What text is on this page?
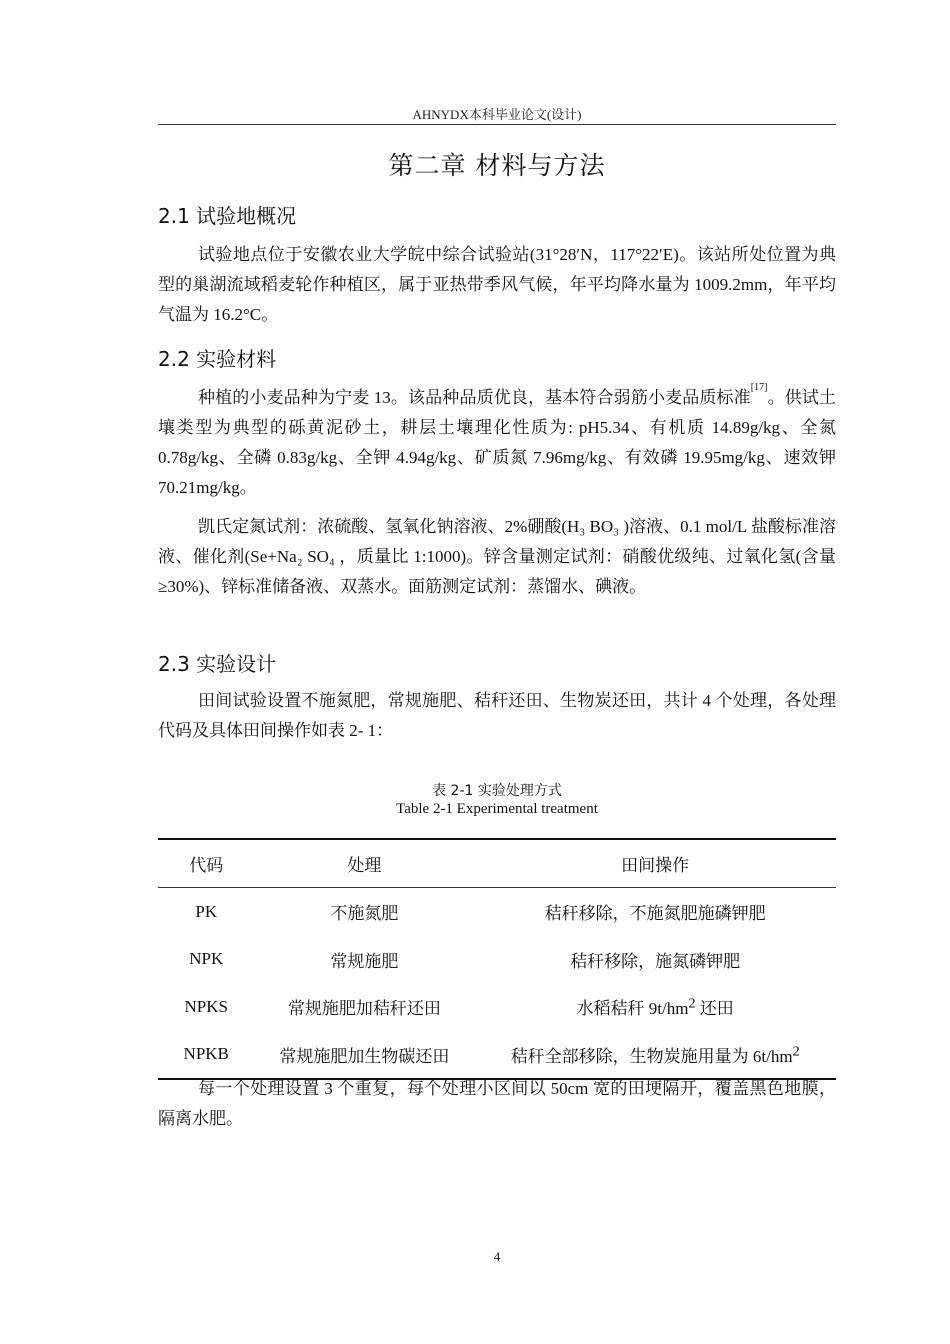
AHNYDX本科毕业论文(设计)
第二章 材料与方法
2.1 试验地概况
试验地点位于安徽农业大学皖中综合试验站(31°28′N，117°22′E)。该站所处位置为典型的巢湖流域稻麦轮作种植区，属于亚热带季风气候，年平均降水量为 1009.2mm，年平均气温为 16.2°C。
2.2 实验材料
种植的小麦品种为宁麦 13。该品种品质优良，基本符合弱筋小麦品质标准[17]。供试土壤类型为典型的砾黄泥砂土，耕层土壤理化性质为: pH5.34、有机质 14.89g/kg、全氮 0.78g/kg、全磷 0.83g/kg、全钾 4.94g/kg、矿质氮 7.96mg/kg、有效磷 19.95mg/kg、速效钾 70.21mg/kg。
凯氏定氮试剂：浓硫酸、氢氧化钠溶液、2%硼酸(H₃ BO₃ )溶液、0.1 mol/L 盐酸标准溶液、催化剂(Se+Na₂ SO₄ ，质量比 1:1000)。锌含量测定试剂：硝酸优级纯、过氧化氢(含量≥30%)、锌标准储备液、双蒸水。面筋测定试剂：蒸馏水、碘液。
2.3 实验设计
田间试验设置不施氮肥，常规施肥、秸秆还田、生物炭还田，共计 4 个处理，各处理代码及具体田间操作如表 2- 1：
表 2-1 实验处理方式
Table 2-1 Experimental treatment
代码	处理	田间操作
PK	不施氮肥	秸秆移除，不施氮肥施磷钾肥
NPK	常规施肥	秸秆移除，施氮磷钾肥
NPKS	常规施肥加秸秆还田	水稻秸秆 $9t/hm^2$ 还田
NPKB	常规施肥加生物碳还田	秸秆全部移除，生物炭施用量为 $6t/hm^2$
每一个处理设置 3 个重复，每个处理小区间以 50cm 宽的田埂隔开，覆盖黑色地膜，隔离水肥。
4
